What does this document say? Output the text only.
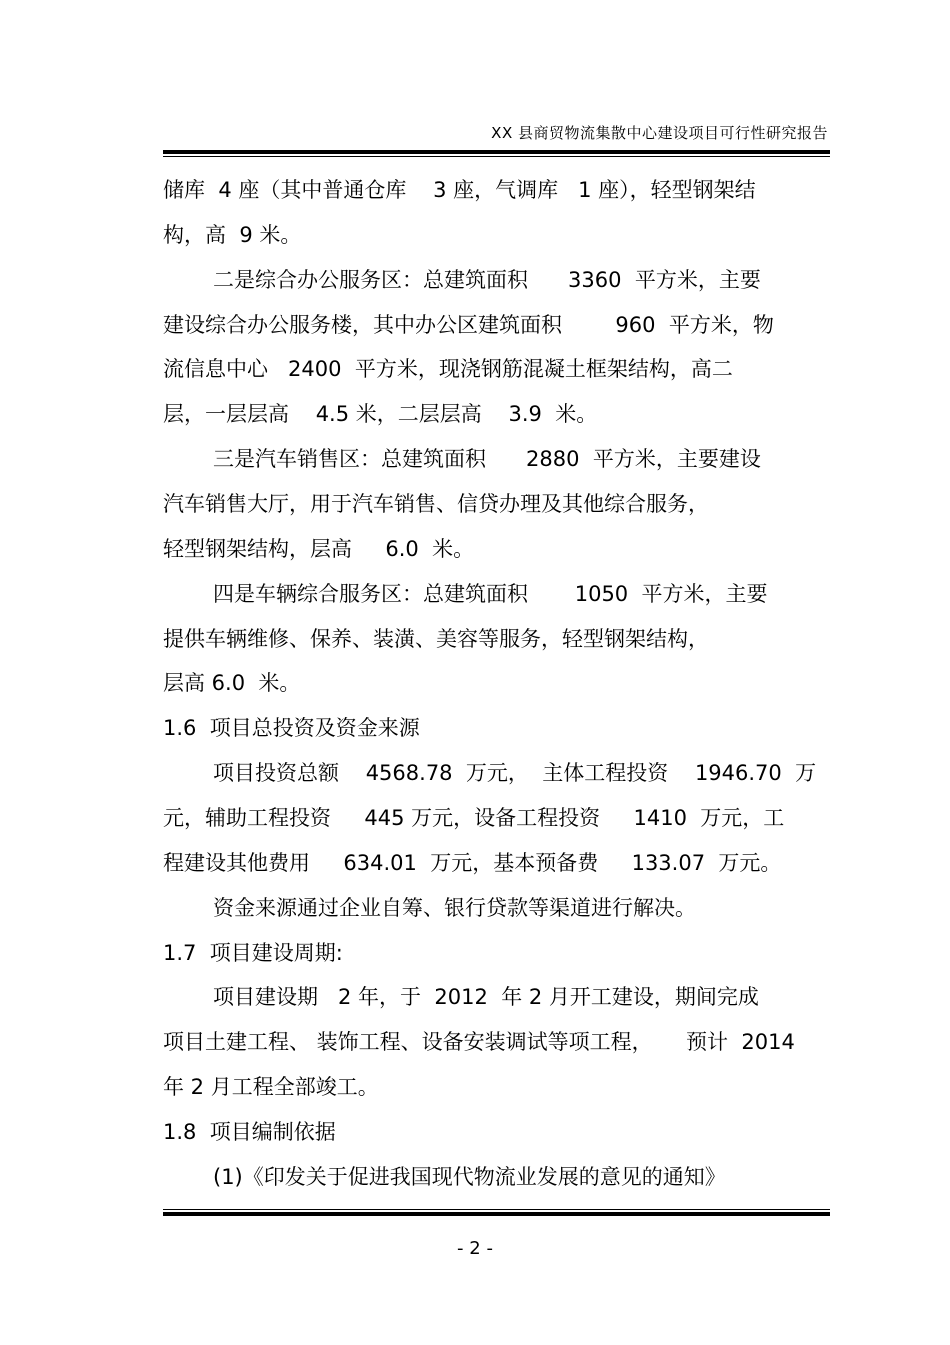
XX 县商贸物流集散中心建设项目可行性研究报告
储库  4 座（其中普通仓库    3 座，气调库   1 座），轻型钢架结
构，高  9 米。
二是综合办公服务区：总建筑面积      3360  平方米，主要
建设综合办公服务楼，其中办公区建筑面积        960  平方米，物
流信息中心   2400  平方米，现浇钢筋混凝土框架结构，高二
层，一层层高    4.5 米，二层层高    3.9  米。
三是汽车销售区：总建筑面积      2880  平方米，主要建设
汽车销售大厅，用于汽车销售、信贷办理及其他综合服务，
轻型钢架结构，层高     6.0  米。
四是车辆综合服务区：总建筑面积       1050  平方米，主要
提供车辆维修、保养、装潢、美容等服务，轻型钢架结构，
层高 6.0  米。
1.6  项目总投资及资金来源
项目投资总额    4568.78  万元，  主体工程投资    1946.70  万
元，辅助工程投资     445 万元，设备工程投资     1410  万元，工
程建设其他费用     634.01  万元，基本预备费     133.07  万元。
资金来源通过企业自筹、银行贷款等渠道进行解决。
1.7  项目建设周期:
项目建设期   2 年，于  2012  年 2 月开工建设，期间完成
项目土建工程、 装饰工程、设备安装调试等项工程，     预计  2014
年 2 月工程全部竣工。
1.8  项目编制依据
(1)《印发关于促进我国现代物流业发展的意见的通知》
- 2 -
